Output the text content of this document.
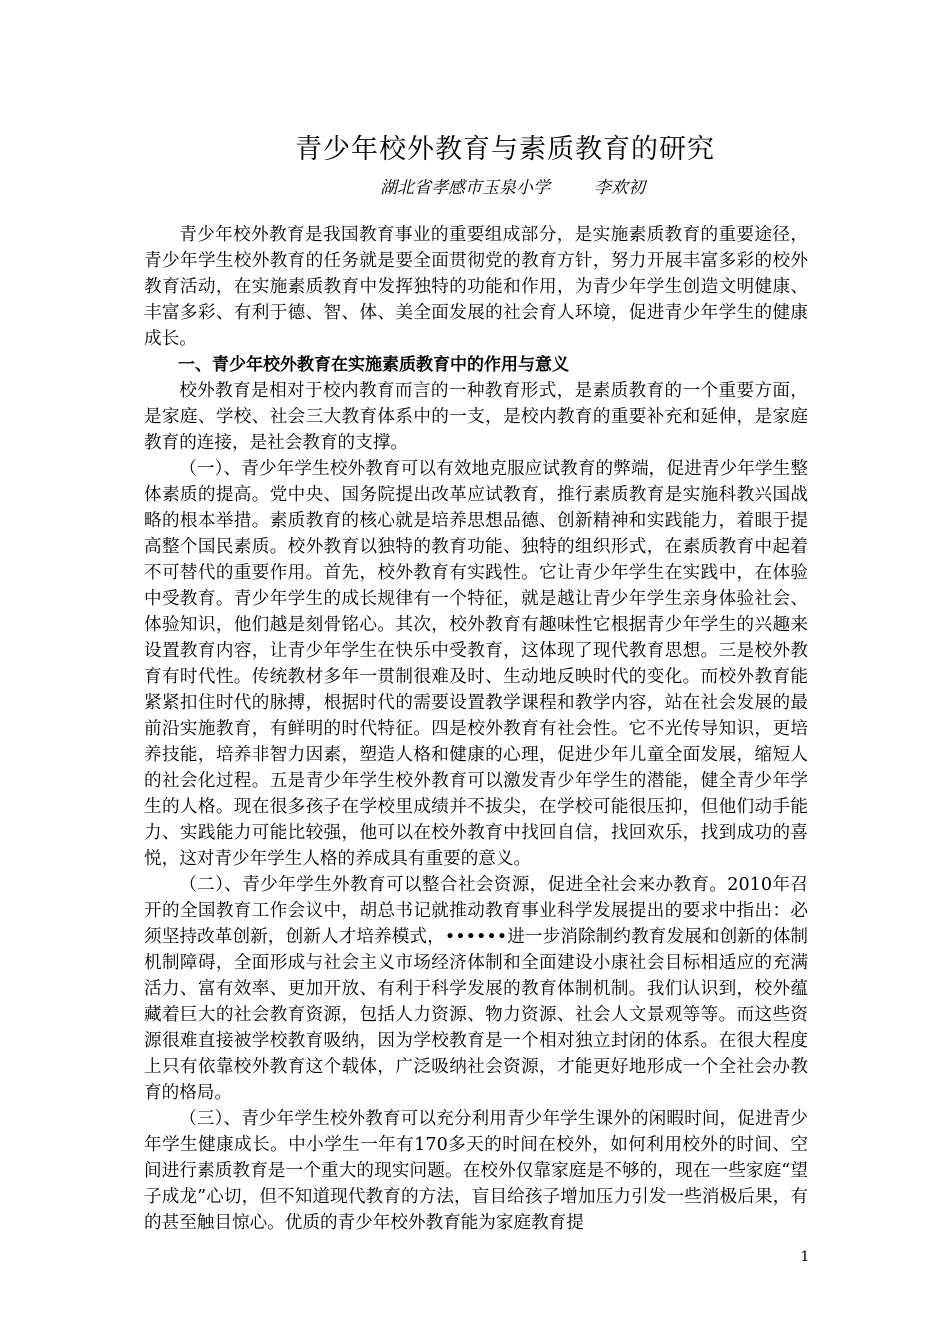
青少年校外教育与素质教育的研究
湖北省孝感市玉泉小学	李欢初

青少年校外教育是我国教育事业的重要组成部分，是实施素质教育的重要途径，青少年学生校外教育的任务就是要全面贯彻党的教育方针，努力开展丰富多彩的校外教育活动，在实施素质教育中发挥独特的功能和作用，为青少年学生创造文明健康、丰富多彩、有利于德、智、体、美全面发展的社会育人环境，促进青少年学生的健康成长。

一、青少年校外教育在实施素质教育中的作用与意义

校外教育是相对于校内教育而言的一种教育形式，是素质教育的一个重要方面，是家庭、学校、社会三大教育体系中的一支，是校内教育的重要补充和延伸，是家庭教育的连接，是社会教育的支撑。

（一）、青少年学生校外教育可以有效地克服应试教育的弊端，促进青少年学生整体素质的提高。党中央、国务院提出改革应试教育，推行素质教育是实施科教兴国战略的根本举措。素质教育的核心就是培养思想品德、创新精神和实践能力，着眼于提高整个国民素质。校外教育以独特的教育功能、独特的组织形式，在素质教育中起着不可替代的重要作用。首先，校外教育有实践性。它让青少年学生在实践中，在体验中受教育。青少年学生的成长规律有一个特征，就是越让青少年学生亲身体验社会、体验知识，他们越是刻骨铭心。其次，校外教育有趣味性它根据青少年学生的兴趣来设置教育内容，让青少年学生在快乐中受教育，这体现了现代教育思想。三是校外教育有时代性。传统教材多年一贯制很难及时、生动地反映时代的变化。而校外教育能紧紧扣住时代的脉搏，根据时代的需要设置教学课程和教学内容，站在社会发展的最前沿实施教育，有鲜明的时代特征。四是校外教育有社会性。它不光传导知识，更培养技能，培养非智力因素，塑造人格和健康的心理，促进少年儿童全面发展，缩短人的社会化过程。五是青少年学生校外教育可以激发青少年学生的潜能，健全青少年学生的人格。现在很多孩子在学校里成绩并不拔尖，在学校可能很压抑，但他们动手能力、实践能力可能比较强，他可以在校外教育中找回自信，找回欢乐，找到成功的喜悦，这对青少年学生人格的养成具有重要的意义。

（二）、青少年学生外教育可以整合社会资源，促进全社会来办教育。2010年召开的全国教育工作会议中，胡总书记就推动教育事业科学发展提出的要求中指出：必须坚持改革创新，创新人才培养模式，••••••进一步消除制约教育发展和创新的体制机制障碍，全面形成与社会主义市场经济体制和全面建设小康社会目标相适应的充满活力、富有效率、更加开放、有利于科学发展的教育体制机制。我们认识到，校外蕴藏着巨大的社会教育资源，包括人力资源、物力资源、社会人文景观等等。而这些资源很难直接被学校教育吸纳，因为学校教育是一个相对独立封闭的体系。在很大程度上只有依靠校外教育这个载体，广泛吸纳社会资源，才能更好地形成一个全社会办教育的格局。

（三）、青少年学生校外教育可以充分利用青少年学生课外的闲暇时间，促进青少年学生健康成长。中小学生一年有170多天的时间在校外，如何利用校外的时间、空间进行素质教育是一个重大的现实问题。在校外仅靠家庭是不够的，现在一些家庭“望子成龙”心切，但不知道现代教育的方法，盲目给孩子增加压力引发一些消极后果，有的甚至触目惊心。优质的青少年校外教育能为家庭教育提

1
